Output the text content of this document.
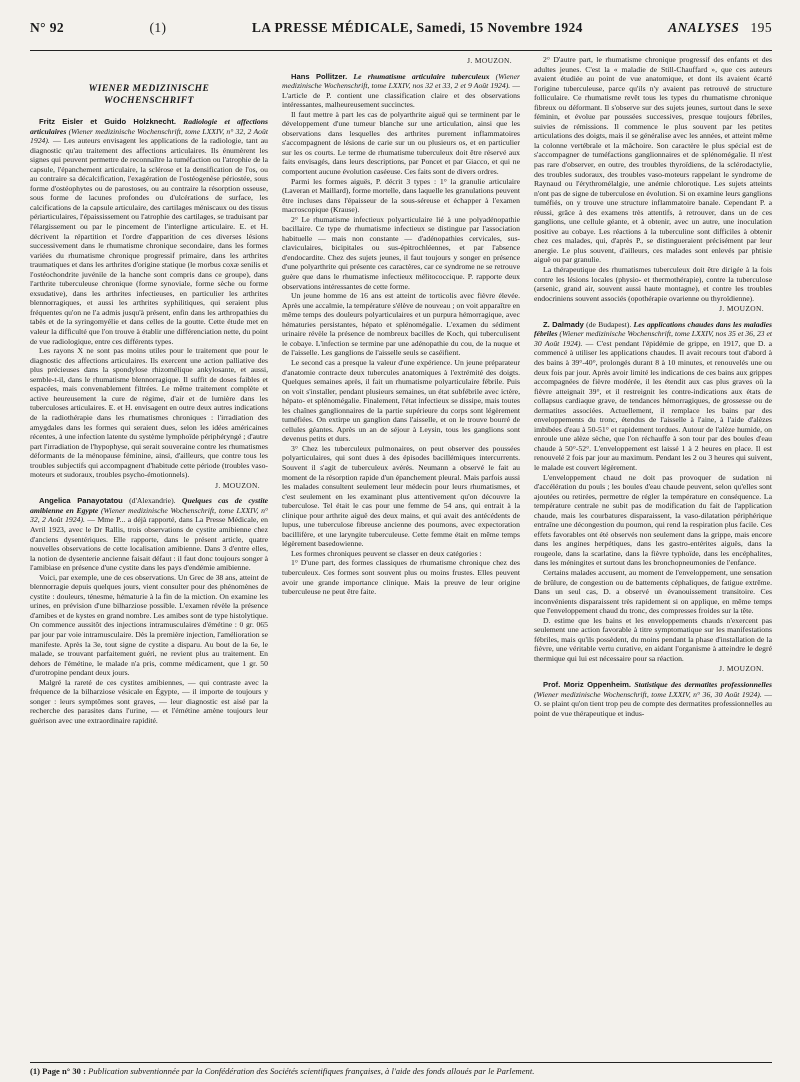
N° 92	(1)	LA PRESSE MÉDICALE, Samedi, 15 Novembre 1924	ANALYSES 195
WIENER MEDIZINISCHE
WOCHENSCHRIFT

Fritz Eisler et Guido Holzknecht. Radiologie et affections articulaires (Wiener medizinische Wochenschrift, tome LXXIV, n° 32, 2 Août 1924). — Les auteurs envisagent les applications de la radiologie, tant au diagnostic qu'au traitement des affections articulaires. Ils énumèrent les signes qui peuvent permettre de reconnaître la tuméfaction ou l'atrophie de la capsule, l'épanchement articulaire, la sclérose et la densification de l'os, ou au contraire sa décalcification, l'exagération de l'ostéogenèse périostée, sous forme d'ostéophytes ou de parostoses, ou au contraire la résorption osseuse, sous forme de lacunes profondes ou d'ulcérations de surface, les calcifications de la capsule articulaire, des cartilages méniscaux ou des tissus périarticulaires, l'épaississement ou l'atrophie des cartilages, se traduisant par l'élargissement ou par le pincement de l'interligne articulaire. E. et H. décrivent la répartition et l'ordre d'apparition de ces diverses lésions successivement dans le rhumatisme chronique secondaire, dans les formes variées du rhumatisme chronique progressif primaire, dans les arthrites traumatiques et dans les arthrites d'origine statique (le morbus coxæ senilis et l'ostéochondrite juvénile de la hanche sont compris dans ce groupe), dans l'arthrite tuberculeuse chronique (forme synoviale, forme sèche ou forme exsudative), dans les arthrites infectieuses, en particulier les arthrites blennorragiques, et aussi les arthrites syphilitiques, qui seraient plus fréquentes qu'on ne l'a admis jusqu'à présent, enfin dans les arthropathies du tabès et de la syringomyélie et dans celles de la goutte. Cette étude met en valeur la difficulté que l'on trouve à établir une différenciation nette, du point de vue radiologique, entre ces différents types.

Les rayons X ne sont pas moins utiles pour le traitement que pour le diagnostic des affections articulaires. Ils exercent une action palliative des plus précieuses dans la spondylose rhizomélique ankylosante, et aussi, semble-t-il, dans le rhumatisme blennorragique. Il suffit de doses faibles et espacées, mais convenablement filtrées. Le même traitement complète et active heureusement la cure de régime, d'air et de lumière dans les tuberculoses articulaires. E. et H. envisagent en outre deux autres indications de la radiothérapie dans les rhumatismes chroniques : l'irradiation des amygdales dans les formes qui seraient dues, selon les idées américaines récentes, à une infection latente du système lymphoïde périphéryngé ; d'autre part l'irradiation de l'hypophyse, qui serait souveraine contre les rhumatismes déformants de la ménopause féminine, ainsi, d'ailleurs, que contre tous les troubles subjectifs qui accompagnent d'habitude cette période (troubles vaso-moteurs et sudoraux, troubles psycho-émotionnels).

J. MOUZON.

Angelica Panayotatou (d'Alexandrie). Quelques cas de cystite amibienne en Egypte (Wiener medizinische Wochenschrift, tome LXXIV, n° 32, 2 Août 1924). — Mme P... a déjà rapporté, dans La Presse Médicale, en Avril 1923, avec le Dr Rallis, trois observations de cystite amibienne chez d'anciens dysentériques. Elle rapporte, dans le présent article, quatre nouvelles observations de cette localisation amibienne. Dans 3 d'entre elles, la notion de dysenterie ancienne faisait défaut : il faut donc toujours songer à l'amibiase en présence d'une cystite dans les pays d'endémie amibienne.

Voici, par exemple, une de ces observations. Un Grec de 38 ans, atteint de blennorragie depuis quelques jours, vient consulter pour des phénomènes de cystite : douleurs, ténesme, hématurie à la fin de la miction. On examine les urines, en prévision d'une bilharziose possible. L'examen révèle la présence d'amibes et de kystes en grand nombre. Les amibes sont de type histolytique. On commence aussitôt des injections intramusculaires d'émétine : 0 gr. 065 par jour par voie intramusculaire. Dès la première injection, l'amélioration se manifeste. Après la 3e, tout signe de cystite a disparu. Au bout de la 6e, le malade, se trouvant parfaitement guéri, ne revient plus au traitement. En dehors de l'émétine, le malade n'a pris, comme médicament, que 1 gr. 50 d'urotropine pendant deux jours.

Malgré la rareté de ces cystites amibiennes, — qui contraste avec la fréquence de la bilharziose vésicale en Égypte, — il importe de toujours y songer : leurs symptômes sont graves, — leur diagnostic est aisé par la recherche des parasites dans l'urine, — et l'émétine amène toujours leur guérison avec une extraordinaire rapidité.

J. MOUZON.

Hans Pollitzer. Le rhumatisme articulaire tuberculeux (Wiener medizinische Wochenschrift, tome LXXIV, nos 32 et 33, 2 et 9 Août 1924). — L'article de P. contient une classification claire et des observations intéressantes, malheureusement succinctes.

Il faut mettre à part les cas de polyarthrite aiguë qui se terminent par le développement d'une tumeur blanche sur une articulation, ainsi que les observations dans lesquelles des arthrites purement inflammatoires s'accompagnent de lésions de carie sur un ou plusieurs os, et en particulier sur les os courts. Le terme de rhumatisme tuberculeux doit être réservé aux faits envisagés, dans leurs descriptions, par Poncet et par Giacco, et qui ne comportent aucune évolution caséeuse. Ces faits sont de divers ordres.

Parmi les formes aiguës, P. décrit 3 types : 1° la granulie articulaire (Laveran et Maillard), forme mortelle, dans laquelle les granulations peuvent être incluses dans l'épaisseur de la sous-séreuse et échapper à l'examen macroscopique (Krause).

2° Le rhumatisme infectieux polyarticulaire lié à une polyadénopathie bacillaire. Ce type de rhumatisme infectieux se distingue par l'association habituelle — mais non constante — d'adénopathies cervicales, sus-claviculaires, bicipitales ou sus-épitrochléennes, et par l'absence d'endocardite. Chez des sujets jeunes, il faut toujours y songer en présence d'une polyarthrite qui présente ces caractères, car ce syndrome ne se retrouve guère que dans le rhumatisme infectieux mélitococcique. P. rapporte deux observations intéressantes de cette forme.

Un jeune homme de 16 ans est atteint de torticolis avec fièvre élevée. Après une accalmie, la température s'élève de nouveau ; on voit apparaître en même temps des douleurs polyarticulaires et un purpura hémorragique, avec hématuries persistantes, hépato et splénomégalie. L'examen du sédiment urinaire révèle la présence de nombreux bacilles de Koch, qui tuberculisent le cobaye. L'infection se termine par une adénopathie du cou, de la nuque et de l'aisselle. Les ganglions de l'aisselle seuls se caséifient.

Le second cas a presque la valeur d'une expérience. Un jeune préparateur d'anatomie contracte deux tubercules anatomiques à l'extrémité des doigts. Quelques semaines après, il fait un rhumatisme polyarticulaire fébrile. Puis on voit s'installer, pendant plusieurs semaines, un état subfébrile avec ictère, hépato- et splénomégalie. Finalement, l'état infectieux se dissipe, mais toutes les chaînes ganglionnaires de la partie supérieure du corps sont légèrement tuméfiées. On extirpe un ganglion dans l'aisselle, et on le trouve bourré de cellules géantes. Après un an de séjour à Leysin, tous les ganglions sont devenus petits et durs.

3° Chez les tuberculeux pulmonaires, on peut observer des poussées polyarticulaires, qui sont dues à des épisodes bacillémiques intercurrents. Souvent il s'agit de tuberculeux avérés. Neumann a observé le fait au moment de la résorption rapide d'un épanchement pleural. Mais parfois aussi les malades consultent seulement leur médecin pour leurs rhumatismes, et c'est seulement en les examinant plus attentivement qu'on découvre la tuberculose. Tel était le cas pour une femme de 54 ans, qui entrait à la clinique pour arthrite aiguë des deux mains, et qui avait des antécédents de lupus, une tuberculose fibreuse ancienne des poumons, avec expectoration bacillifère, et une laryngite tuberculeuse. Cette femme était en même temps légèrement basedowienne.

Les formes chroniques peuvent se classer en deux catégories :

1° D'une part, des formes classiques de rhumatisme chronique chez des tuberculeux. Ces formes sont souvent plus ou moins frustes. Elles peuvent avoir une grande importance clinique. Mais la preuve de leur origine tuberculeuse ne peut être faite.

2° D'autre part, le rhumatisme chronique progressif des enfants et des adultes jeunes. C'est la « maladie de Still-Chauffard », que ces auteurs avaient étudiée au point de vue anatomique, et dont ils avaient écarté l'origine tuberculeuse, parce qu'ils n'y avaient pas retrouvé de structure folliculaire. Ce rhumatisme revêt tous les types du rhumatisme chronique fibreux ou déformant. Il s'observe sur des sujets jeunes, surtout dans le sexe féminin, et évolue par poussées successives, presque toujours fébriles, suivies de rémissions. Il commence le plus souvent par les petites articulations des doigts, mais il se généralise avec les années, et atteint même la colonne vertébrale et la mâchoire. Son caractère le plus spécial est de s'accompagner de tuméfactions ganglionnaires et de splénomégalie. Il n'est pas rare d'observer, en outre, des troubles thyroïdiens, de la sclérodactylie, des troubles sudoraux, des troubles vaso-moteurs rappelant le syndrome de Raynaud ou l'érythromélalgie, une anémie chlorotique. Les sujets atteints n'ont pas de signe de tuberculose en évolution. Si on examine leurs ganglions tuméfiés, on y trouve une structure inflammatoire banale. Cependant P. a réussi, grâce à des examens très attentifs, à retrouver, dans un de ces ganglions, une cellule géante, et à obtenir, avec un autre, une inoculation positive au cobaye. Les réactions à la tuberculine sont difficiles à obtenir chez ces malades, qui, d'après P., se distingueraient précisément par leur anergie. Le plus souvent, d'ailleurs, ces malades sont enlevés par phtisie aiguë ou par granulie.

La thérapeutique des rhumatismes tuberculeux doit être dirigée à la fois contre les lésions locales (physio- et thermothérapie), contre la tuberculose (arsenic, grand air, souvent aussi haute montagne), et contre les troubles endocriniens souvent associés (opothérapie ovarienne ou thyroïdienne).

J. MOUZON.

Z. Dalmady (de Budapest). Les applications chaudes dans les maladies fébriles (Wiener medizinische Wochenschrift, tome LXXIV, nos 35 et 36, 23 et 30 Août 1924). — C'est pendant l'épidémie de grippe, en 1917, que D. a commencé à utiliser les applications chaudes. Il avait recours tout d'abord à des bains à 39°-40°, prolongés durant 8 à 10 minutes, et renouvelés une ou deux fois par jour. Après avoir limité les indications de ces bains aux grippes accompagnées de fièvre modérée, il les étendit aux cas plus graves où la fièvre atteignait 39°, et il restreignit les contre-indications aux états de collapsus cardiaque grave, de tendances hémorragiques, de grossesse ou de dermatites associées. Actuellement, il remplace les bains par des enveloppements du tronc, étendus de l'aisselle à l'aine, à l'aide d'alèzes imbibées d'eau à 50-51° et rapidement tordues. Autour de l'alèze humide, on enroule une alèze sèche, que l'on réchauffe à son tour par des boules d'eau chaude à 50°-52°. L'enveloppement est laissé 1 à 2 heures en place. Il est renouvelé 2 fois par jour au maximum. Pendant les 2 ou 3 heures qui suivent, le malade est couvert légèrement.

L'enveloppement chaud ne doit pas provoquer de sudation ni d'accélération du pouls ; les boules d'eau chaude peuvent, selon qu'elles sont ajoutées ou retirées, permettre de régler la température en conséquence. La température centrale ne subit pas de modification du fait de l'application chaude, mais les courbatures disparaissent, la vaso-dilatation périphérique entraîne une décongestion du poumon, qui rend la respiration plus facile. Ces effets favorables ont été observés non seulement dans la grippe, mais encore dans les angines herpétiques, dans les gastro-entérites aiguës, dans la rougeole, dans la scarlatine, dans la fièvre typhoïde, dans les encéphalites, dans les méningites et surtout dans les bronchopneumonies de l'enfance.

Certains malades accusent, au moment de l'enveloppement, une sensation de brûlure, de congestion ou de battements céphaliques, de fatigue extrême. Dans un seul cas, D. a observé un évanouissement transitoire. Ces inconvénients disparaissent très rapidement si on applique, en même temps que l'enveloppement chaud du tronc, des compresses froides sur la tête.

D. estime que les bains et les enveloppements chauds n'exercent pas seulement une action favorable à titre symptomatique sur les manifestations fébriles, mais qu'ils possèdent, du moins pendant la phase d'installation de la fièvre, une véritable vertu curative, en aidant l'organisme à atteindre le degré thermique qui lui est nécessaire pour sa réaction.

J. MOUZON.

Prof. Moriz Oppenheim. Statistique des dermatites professionnelles (Wiener medizinische Wochenschrift, tome LXXIV, n° 36, 30 Août 1924). — O. se plaint qu'on tient trop peu de compte des dermatites professionnelles au point de vue thérapeutique et indus-

(1) Page n° 30 : Publication subventionnée par la Confédération des Sociétés scientifiques françaises, à l'aide des fonds alloués par le Parlement.
